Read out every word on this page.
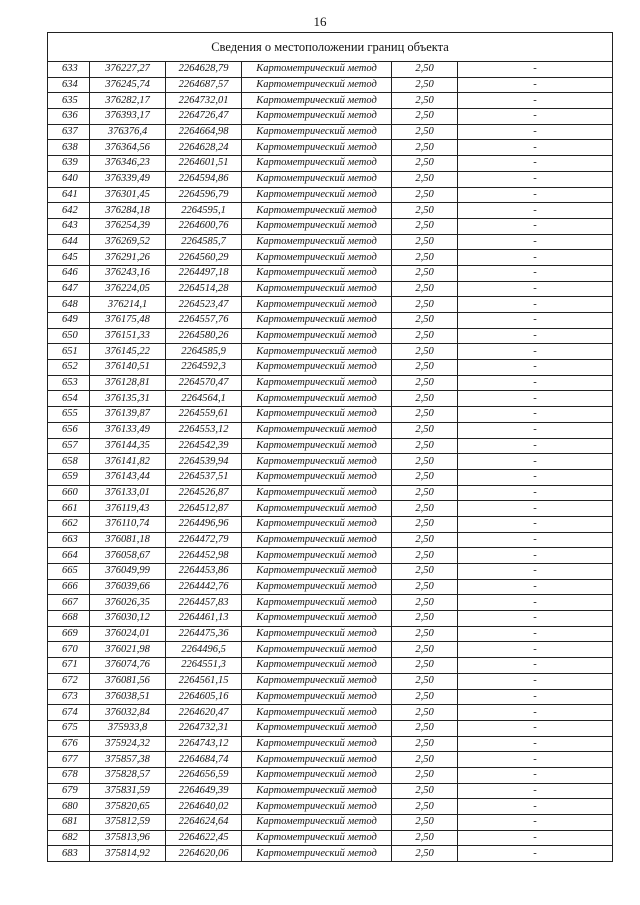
16
Сведения о местоположении границ объекта					
633	376227,27	2264628,79	Картометрический метод	2,50	-
634	376245,74	2264687,57	Картометрический метод	2,50	-
635	376282,17	2264732,01	Картометрический метод	2,50	-
636	376393,17	2264726,47	Картометрический метод	2,50	-
637	376376,4	2264664,98	Картометрический метод	2,50	-
638	376364,56	2264628,24	Картометрический метод	2,50	-
639	376346,23	2264601,51	Картометрический метод	2,50	-
640	376339,49	2264594,86	Картометрический метод	2,50	-
641	376301,45	2264596,79	Картометрический метод	2,50	-
642	376284,18	2264595,1	Картометрический метод	2,50	-
643	376254,39	2264600,76	Картометрический метод	2,50	-
644	376269,52	2264585,7	Картометрический метод	2,50	-
645	376291,26	2264560,29	Картометрический метод	2,50	-
646	376243,16	2264497,18	Картометрический метод	2,50	-
647	376224,05	2264514,28	Картометрический метод	2,50	-
648	376214,1	2264523,47	Картометрический метод	2,50	-
649	376175,48	2264557,76	Картометрический метод	2,50	-
650	376151,33	2264580,26	Картометрический метод	2,50	-
651	376145,22	2264585,9	Картометрический метод	2,50	-
652	376140,51	2264592,3	Картометрический метод	2,50	-
653	376128,81	2264570,47	Картометрический метод	2,50	-
654	376135,31	2264564,1	Картометрический метод	2,50	-
655	376139,87	2264559,61	Картометрический метод	2,50	-
656	376133,49	2264553,12	Картометрический метод	2,50	-
657	376144,35	2264542,39	Картометрический метод	2,50	-
658	376141,82	2264539,94	Картометрический метод	2,50	-
659	376143,44	2264537,51	Картометрический метод	2,50	-
660	376133,01	2264526,87	Картометрический метод	2,50	-
661	376119,43	2264512,87	Картометрический метод	2,50	-
662	376110,74	2264496,96	Картометрический метод	2,50	-
663	376081,18	2264472,79	Картометрический метод	2,50	-
664	376058,67	2264452,98	Картометрический метод	2,50	-
665	376049,99	2264453,86	Картометрический метод	2,50	-
666	376039,66	2264442,76	Картометрический метод	2,50	-
667	376026,35	2264457,83	Картометрический метод	2,50	-
668	376030,12	2264461,13	Картометрический метод	2,50	-
669	376024,01	2264475,36	Картометрический метод	2,50	-
670	376021,98	2264496,5	Картометрический метод	2,50	-
671	376074,76	2264551,3	Картометрический метод	2,50	-
672	376081,56	2264561,15	Картометрический метод	2,50	-
673	376038,51	2264605,16	Картометрический метод	2,50	-
674	376032,84	2264620,47	Картометрический метод	2,50	-
675	375933,8	2264732,31	Картометрический метод	2,50	-
676	375924,32	2264743,12	Картометрический метод	2,50	-
677	375857,38	2264684,74	Картометрический метод	2,50	-
678	375828,57	2264656,59	Картометрический метод	2,50	-
679	375831,59	2264649,39	Картометрический метод	2,50	-
680	375820,65	2264640,02	Картометрический метод	2,50	-
681	375812,59	2264624,64	Картометрический метод	2,50	-
682	375813,96	2264622,45	Картометрический метод	2,50	-
683	375814,92	2264620,06	Картометрический метод	2,50	-
